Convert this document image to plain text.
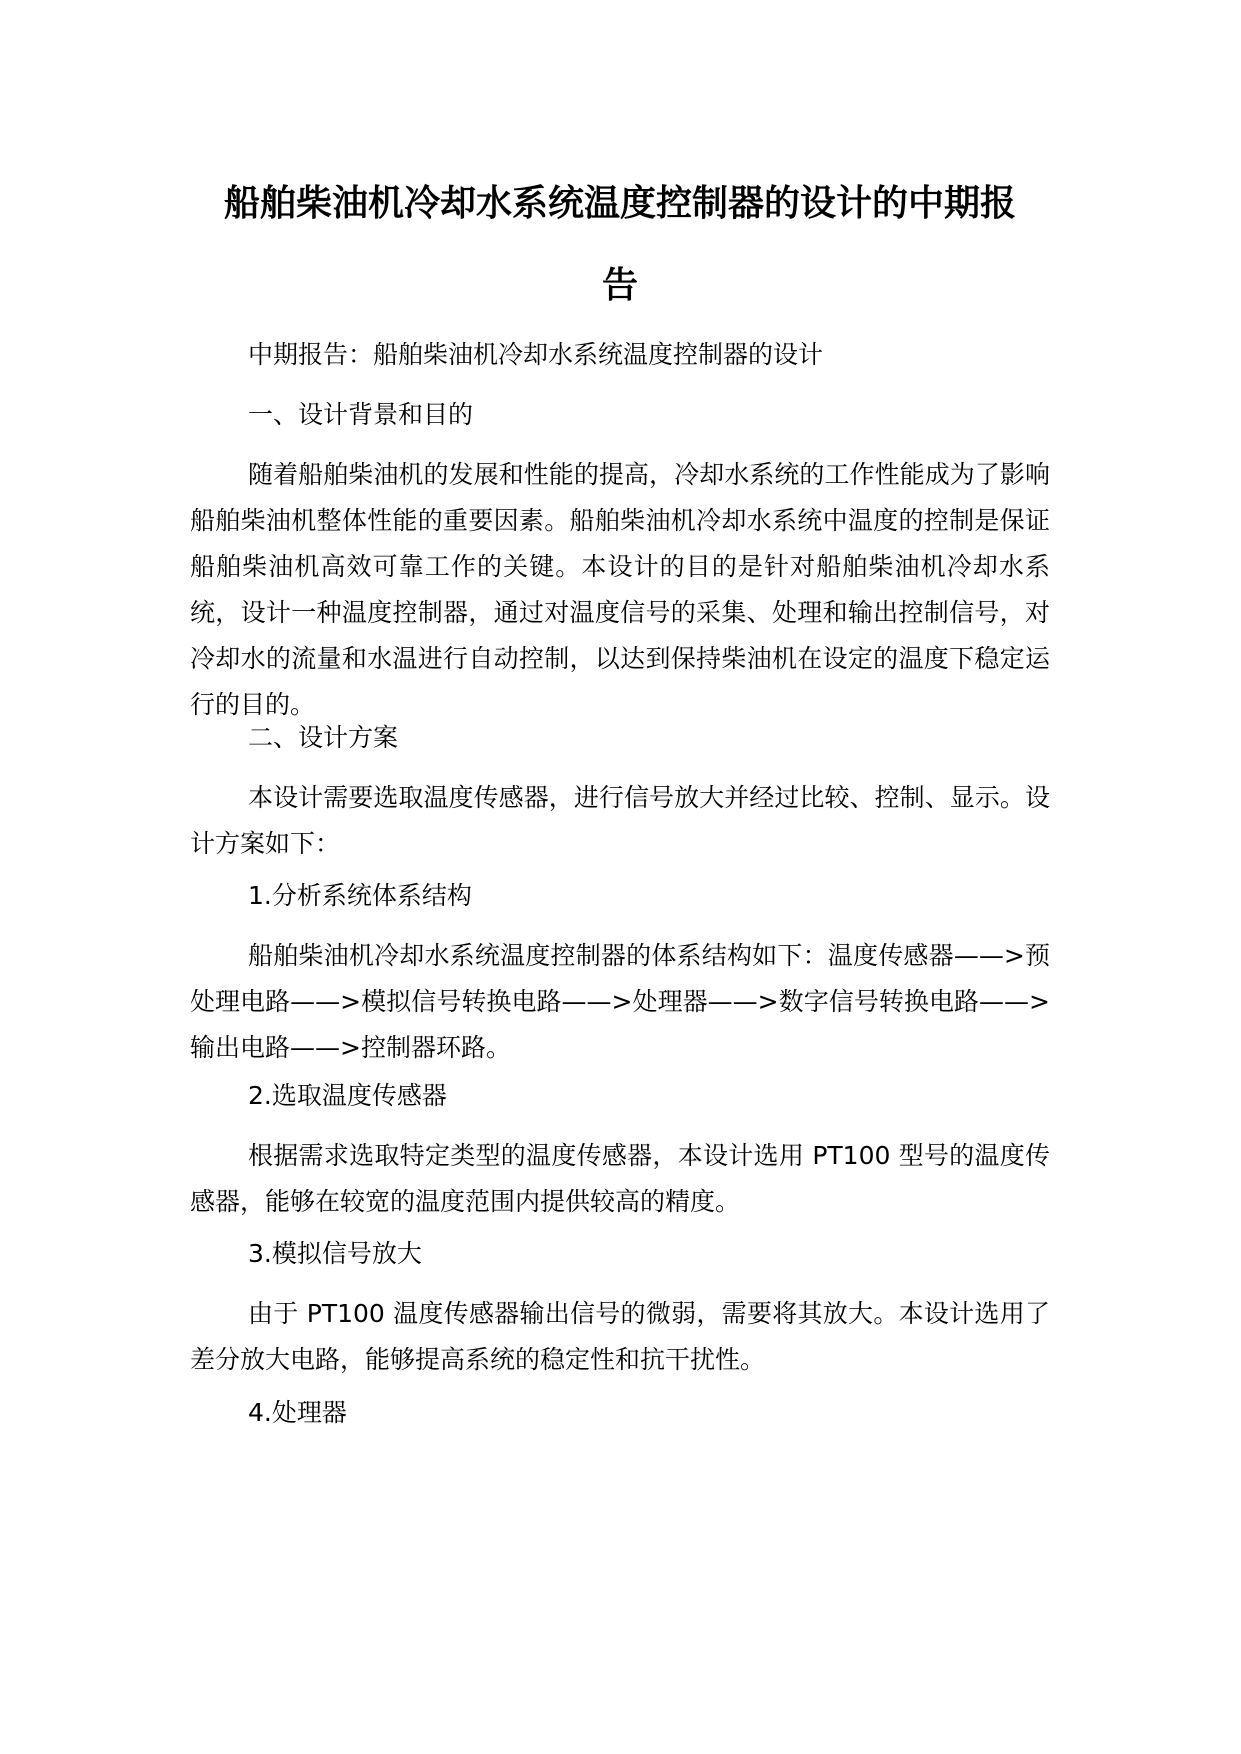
船舶柴油机冷却水系统温度控制器的设计的中期报
告

中期报告：船舶柴油机冷却水系统温度控制器的设计

一、设计背景和目的

随着船舶柴油机的发展和性能的提高，冷却水系统的工作性能成为了影响船舶柴油机整体性能的重要因素。船舶柴油机冷却水系统中温度的控制是保证船舶柴油机高效可靠工作的关键。本设计的目的是针对船舶柴油机冷却水系统，设计一种温度控制器，通过对温度信号的采集、处理和输出控制信号，对冷却水的流量和水温进行自动控制，以达到保持柴油机在设定的温度下稳定运行的目的。

二、设计方案

本设计需要选取温度传感器，进行信号放大并经过比较、控制、显示。设计方案如下：

1.分析系统体系结构

船舶柴油机冷却水系统温度控制器的体系结构如下：温度传感器——>预处理电路——>模拟信号转换电路——>处理器——>数字信号转换电路——>输出电路——>控制器环路。

2.选取温度传感器

根据需求选取特定类型的温度传感器，本设计选用 PT100 型号的温度传感器，能够在较宽的温度范围内提供较高的精度。

3.模拟信号放大

由于 PT100 温度传感器输出信号的微弱，需要将其放大。本设计选用了差分放大电路，能够提高系统的稳定性和抗干扰性。

4.处理器
